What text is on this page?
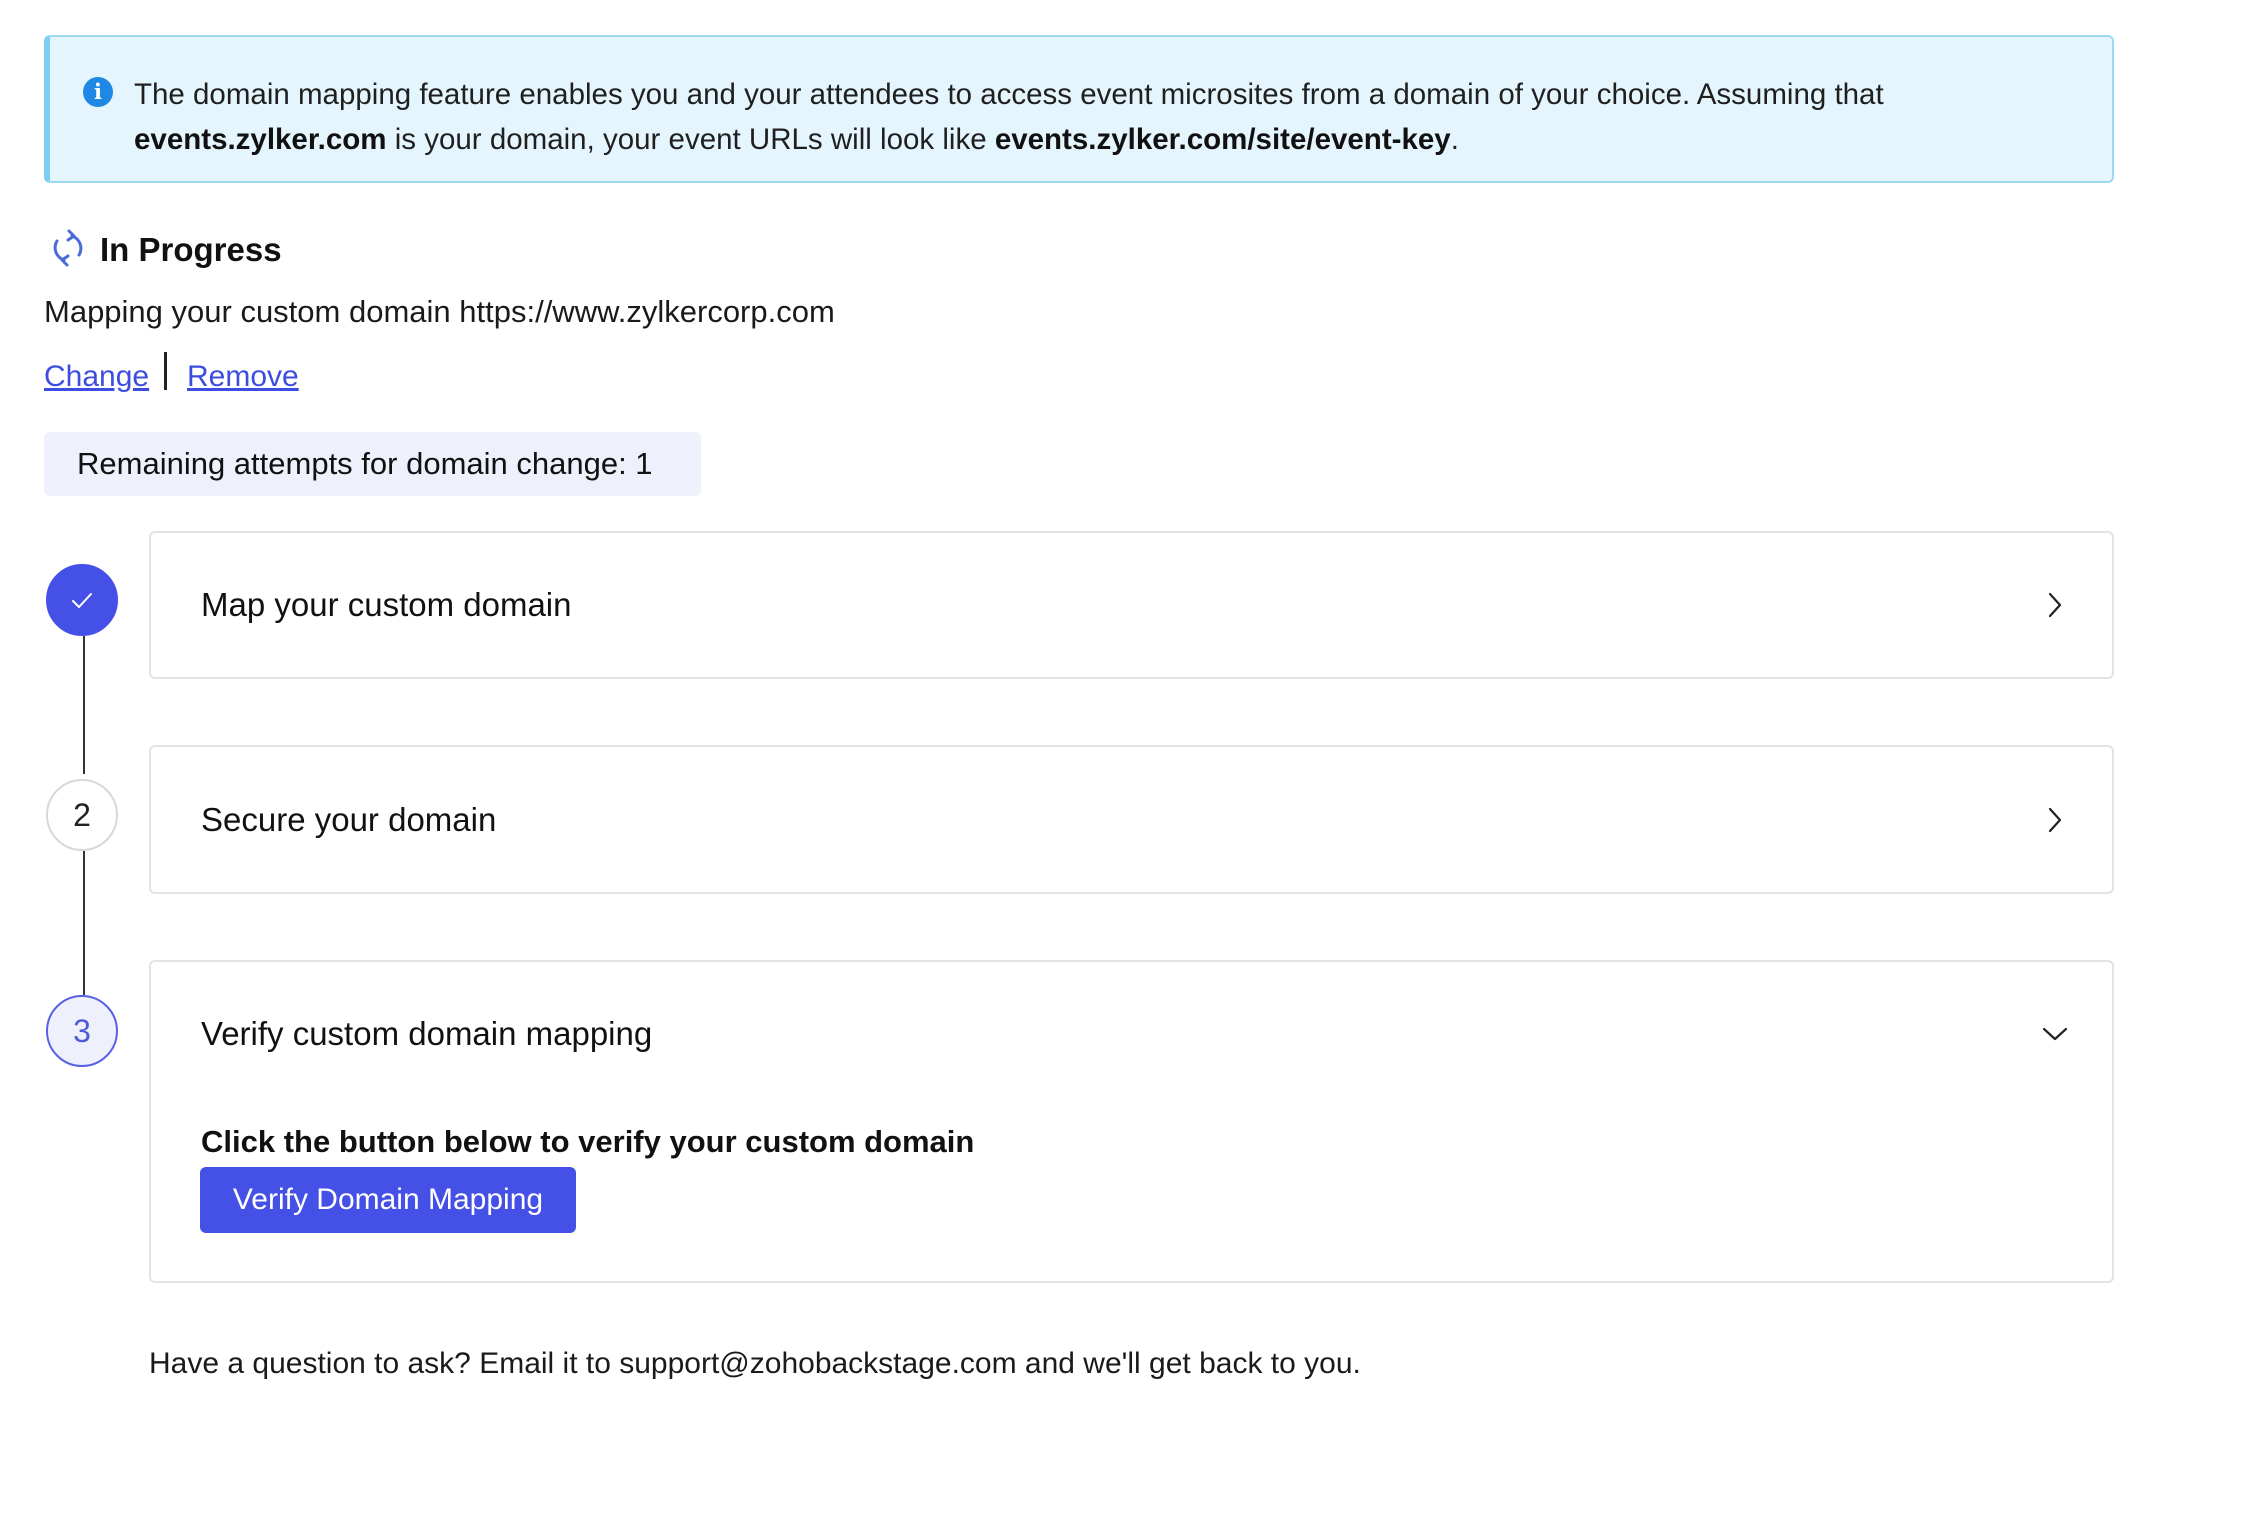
i	The domain mapping feature enables you and your attendees to access event microsites from a domain of your choice. Assuming that
events.zylker.com is your domain, your event URLs will look like events.zylker.com/site/event-key.
In Progress
Mapping your custom domain https://www.zylkercorp.com
Change Remove
Remaining attempts for domain change: 1
Map your custom domain
2	Secure your domain
3	Verify custom domain mapping
Click the button below to verify your custom domain
Verify Domain Mapping
Have a question to ask? Email it to support@zohobackstage.com and we'll get back to you.
